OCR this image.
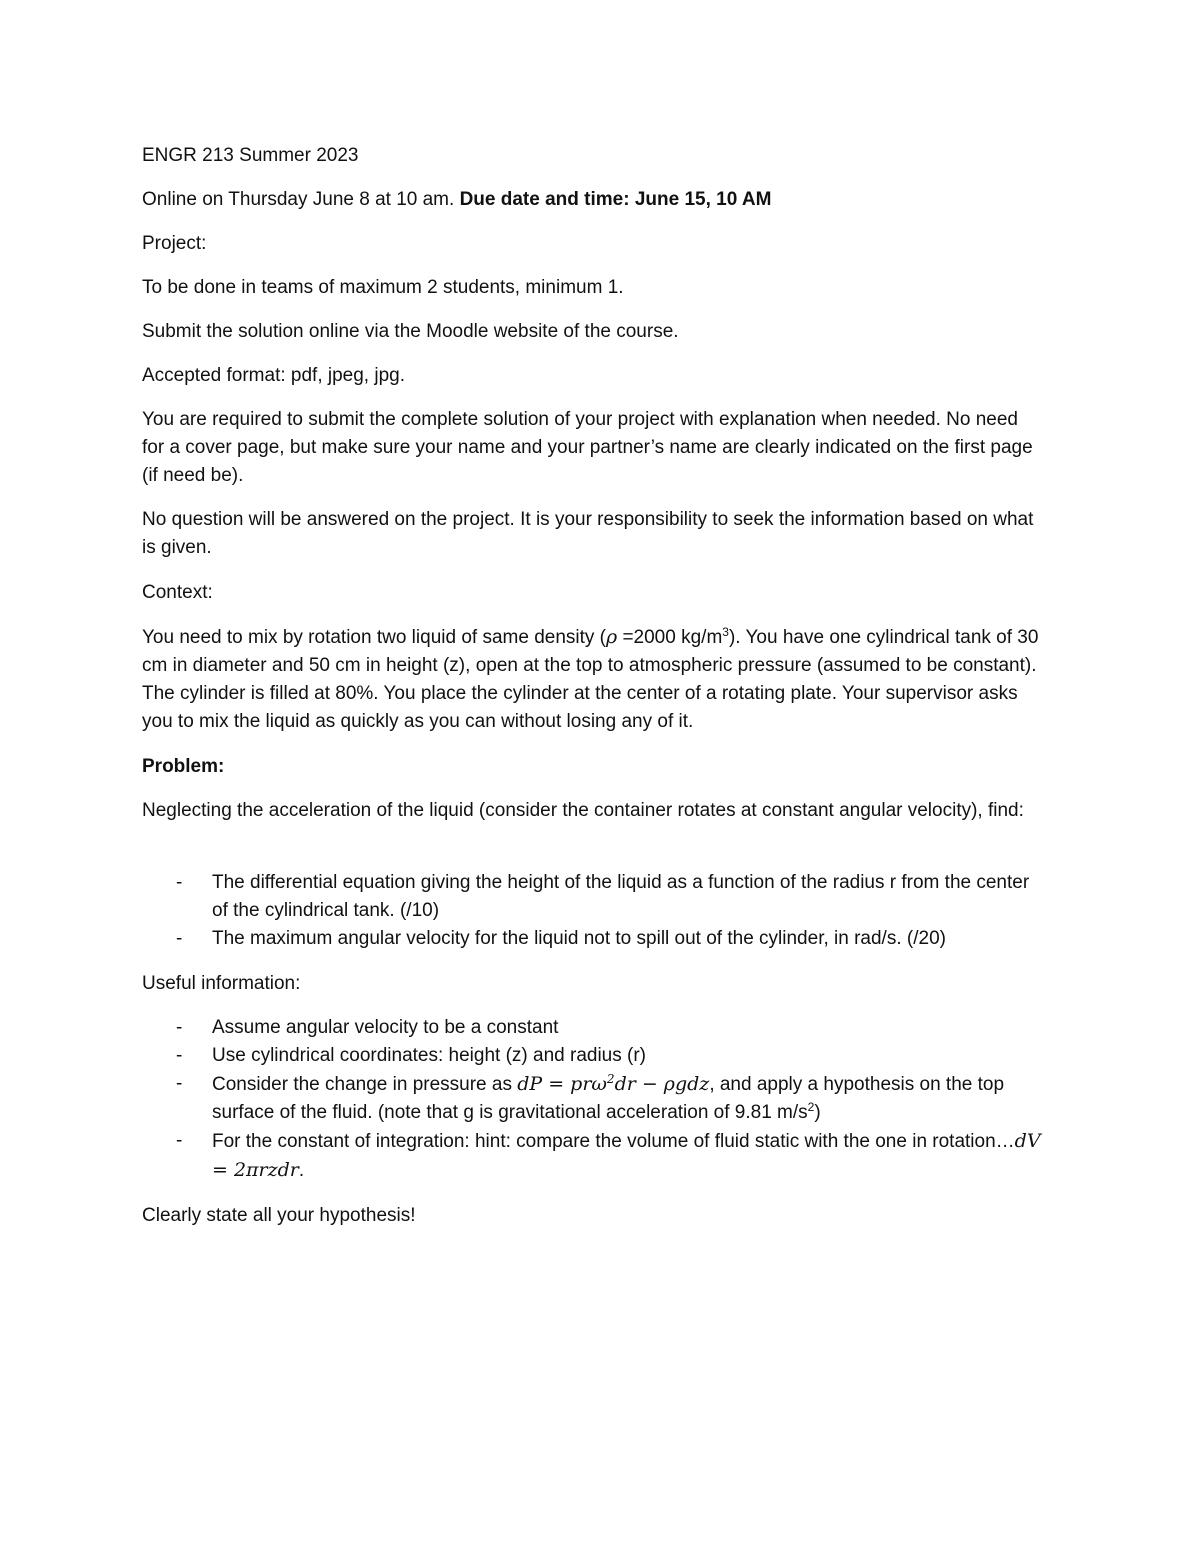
ENGR 213 Summer 2023

Online on Thursday June 8 at 10 am. Due date and time: June 15, 10 AM

Project:

To be done in teams of maximum 2 students, minimum 1.

Submit the solution online via the Moodle website of the course.

Accepted format: pdf, jpeg, jpg.

You are required to submit the complete solution of your project with explanation when needed. No need for a cover page, but make sure your name and your partner’s name are clearly indicated on the first page (if need be).

No question will be answered on the project. It is your responsibility to seek the information based on what is given.

Context:

You need to mix by rotation two liquid of same density (ρ =2000 $kg/m^3$). You have one cylindrical tank of 30 cm in diameter and 50 cm in height (z), open at the top to atmospheric pressure (assumed to be constant). The cylinder is filled at 80%. You place the cylinder at the center of a rotating plate. Your supervisor asks you to mix the liquid as quickly as you can without losing any of it.

Problem:

Neglecting the acceleration of the liquid (consider the container rotates at constant angular velocity), find:

- The differential equation giving the height of the liquid as a function of the radius r from the center of the cylindrical tank. (/10)
- The maximum angular velocity for the liquid not to spill out of the cylinder, in rad/s. (/20)

Useful information:

- Assume angular velocity to be a constant
- Use cylindrical coordinates: height (z) and radius (r)
- Consider the change in pressure as dP = prω$^2$dr − ρgdz, and apply a hypothesis on the top surface of the fluid. (note that g is gravitational acceleration of 9.81 $m/s^2$)
- For the constant of integration: hint: compare the volume of fluid static with the one in rotation…dV = 2πrzdr.

Clearly state all your hypothesis!
